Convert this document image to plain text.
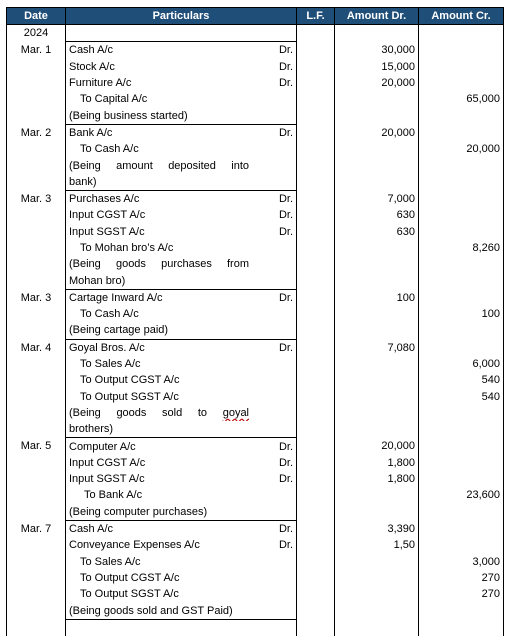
Date	Particulars	L.F.	Amount Dr.	Amount Cr.
2024				
Mar. 1	Cash A/c Dr.		30,000	

	Stock A/c Dr.		15,000	

	Furniture A/c Dr.		20,000	

	To Capital A/c			65,000
	(Being business started)			
Mar. 2	Bank A/c Dr.		20,000	

	To Cash A/c			20,000

	(Being amount deposited into			

	bank)			
Mar. 3	Purchases A/c Dr.		7,000	

	Input CGST A/c Dr.		630	

	Input SGST A/c Dr.		630	

	To Mohan bro’s A/c			8,260

	(Being goods purchases from			

	Mohan bro)			
Mar. 3	Cartage Inward A/c Dr.		100	

	To Cash A/c			100
	(Being cartage paid)			
Mar. 4	Goyal Bros. A/c Dr.		7,080	

	To Sales A/c			6,000

	To Output CGST A/c			540

	To Output SGST A/c			540

	(Being goods sold to goyal			

	brothers)			
Mar. 5	Computer A/c Dr.		20,000	

	Input CGST A/c Dr.		1,800	

	Input SGST A/c Dr.		1,800	

	To Bank A/c			23,600
	(Being computer purchases)			
Mar. 7	Cash A/c Dr.		3,390	

	Conveyance Expenses A/c Dr.		1,50	

	To Sales A/c			3,000

	To Output CGST A/c			270

	To Output SGST A/c			270
	(Being goods sold and GST Paid)			
